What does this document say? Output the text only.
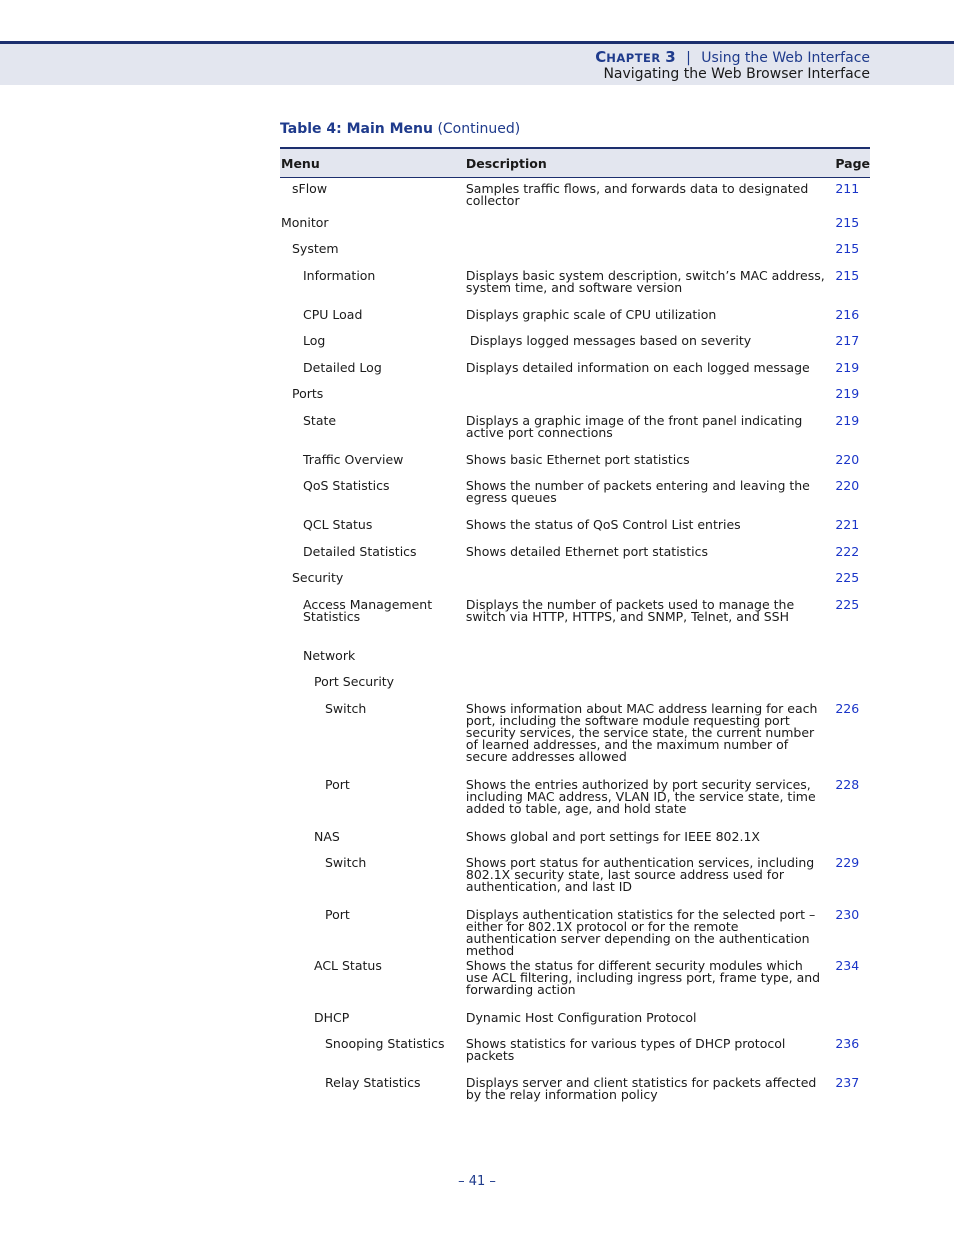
CHAPTER 3 | Using the Web Interface
Navigating the Web Browser Interface
Table 4: Main Menu (Continued)
Menu	Description	Page
sFlow	Samples traffic flows, and forwards data to designated collector	211
Monitor		215
System		215
Information	Displays basic system description, switch’s MAC address, system time, and software version	215
CPU Load	Displays graphic scale of CPU utilization	216
Log	Displays logged messages based on severity	217
Detailed Log	Displays detailed information on each logged message	219
Ports		219
State	Displays a graphic image of the front panel indicating active port connections	219
Traffic Overview	Shows basic Ethernet port statistics	220
QoS Statistics	Shows the number of packets entering and leaving the egress queues	220
QCL Status	Shows the status of QoS Control List entries	221
Detailed Statistics	Shows detailed Ethernet port statistics	222
Security		225
Access Management Statistics	Displays the number of packets used to manage the switch via HTTP, HTTPS, and SNMP, Telnet, and SSH	225
Network		
Port Security		
Switch	Shows information about MAC address learning for each port, including the software module requesting port security services, the service state, the current number of learned addresses, and the maximum number of secure addresses allowed	226
Port	Shows the entries authorized by port security services, including MAC address, VLAN ID, the service state, time added to table, age, and hold state	228
NAS	Shows global and port settings for IEEE 802.1X	
Switch	Shows port status for authentication services, including 802.1X security state, last source address used for authentication, and last ID	229
Port	Displays authentication statistics for the selected port – either for 802.1X protocol or for the remote authentication server depending on the authentication method	230
ACL Status	Shows the status for different security modules which use ACL filtering, including ingress port, frame type, and forwarding action	234
DHCP	Dynamic Host Configuration Protocol	
Snooping Statistics	Shows statistics for various types of DHCP protocol packets	236
Relay Statistics	Displays server and client statistics for packets affected by the relay information policy	237
– 41 –
